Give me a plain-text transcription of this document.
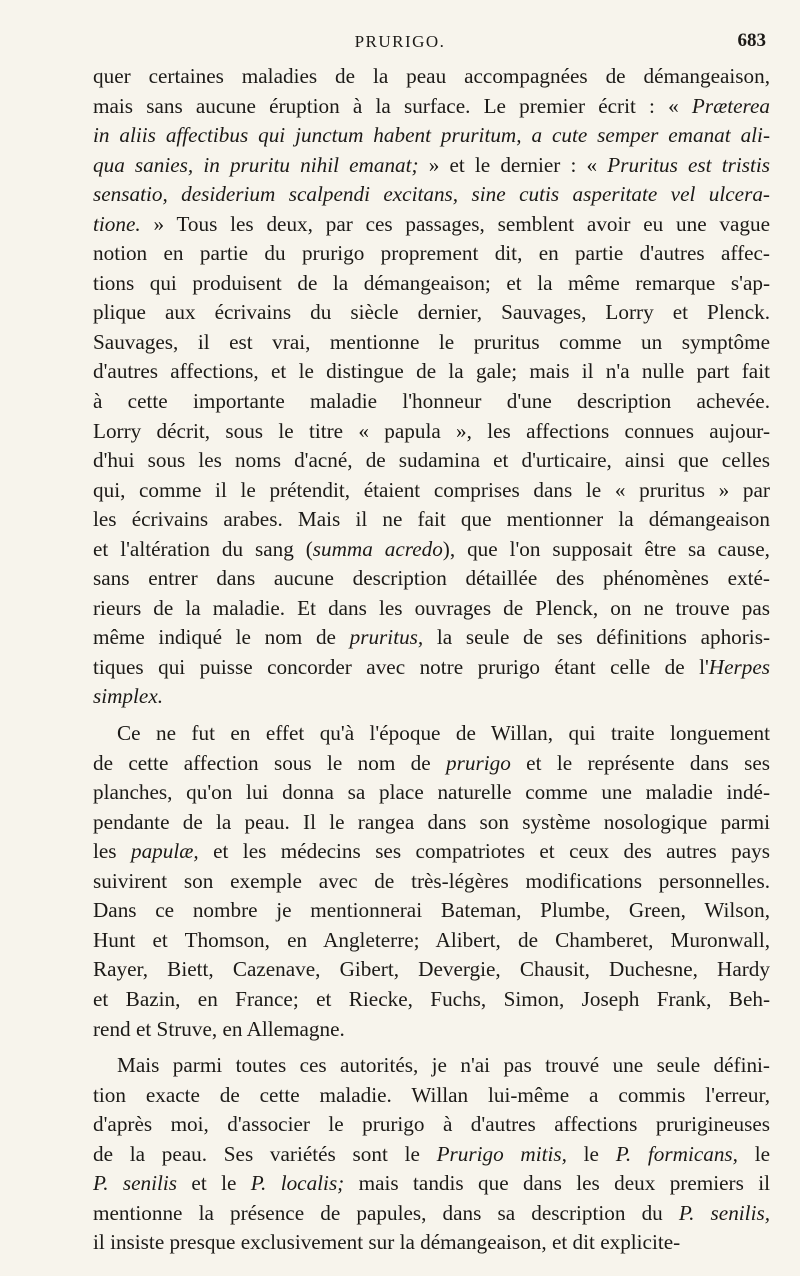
PRURIGO.	683
quer certaines maladies de la peau accompagnées de démangeaison,
mais sans aucune éruption à la surface. Le premier écrit : « Præterea
in aliis affectibus qui junctum habent pruritum, a cute semper emanat ali-
qua sanies, in pruritu nihil emanat; » et le dernier : « Pruritus est tristis
sensatio, desiderium scalpendi excitans, sine cutis asperitate vel ulcera-
tione. » Tous les deux, par ces passages, semblent avoir eu une vague
notion en partie du prurigo proprement dit, en partie d'autres affec-
tions qui produisent de la démangeaison; et la même remarque s'ap-
plique aux écrivains du siècle dernier, Sauvages, Lorry et Plenck.
Sauvages, il est vrai, mentionne le pruritus comme un symptôme
d'autres affections, et le distingue de la gale; mais il n'a nulle part fait
à cette importante maladie l'honneur d'une description achevée.
Lorry décrit, sous le titre « papula », les affections connues aujour-
d'hui sous les noms d'acné, de sudamina et d'urticaire, ainsi que celles
qui, comme il le prétendit, étaient comprises dans le « pruritus » par
les écrivains arabes. Mais il ne fait que mentionner la démangeaison
et l'altération du sang (summa acredo), que l'on supposait être sa cause,
sans entrer dans aucune description détaillée des phénomènes exté-
rieurs de la maladie. Et dans les ouvrages de Plenck, on ne trouve pas
même indiqué le nom de pruritus, la seule de ses définitions aphoris-
tiques qui puisse concorder avec notre prurigo étant celle de l'Herpes
simplex.
Ce ne fut en effet qu'à l'époque de Willan, qui traite longuement
de cette affection sous le nom de prurigo et le représente dans ses
planches, qu'on lui donna sa place naturelle comme une maladie indé-
pendante de la peau. Il le rangea dans son système nosologique parmi
les papulæ, et les médecins ses compatriotes et ceux des autres pays
suivirent son exemple avec de très-légères modifications personnelles.
Dans ce nombre je mentionnerai Bateman, Plumbe, Green, Wilson,
Hunt et Thomson, en Angleterre; Alibert, de Chamberet, Muronwall,
Rayer, Biett, Cazenave, Gibert, Devergie, Chausit, Duchesne, Hardy
et Bazin, en France; et Riecke, Fuchs, Simon, Joseph Frank, Beh-
rend et Struve, en Allemagne.
Mais parmi toutes ces autorités, je n'ai pas trouvé une seule défini-
tion exacte de cette maladie. Willan lui-même a commis l'erreur,
d'après moi, d'associer le prurigo à d'autres affections prurigineuses
de la peau. Ses variétés sont le Prurigo mitis, le P. formicans, le
P. senilis et le P. localis; mais tandis que dans les deux premiers il
mentionne la présence de papules, dans sa description du P. senilis,
il insiste presque exclusivement sur la démangeaison, et dit explicite-
